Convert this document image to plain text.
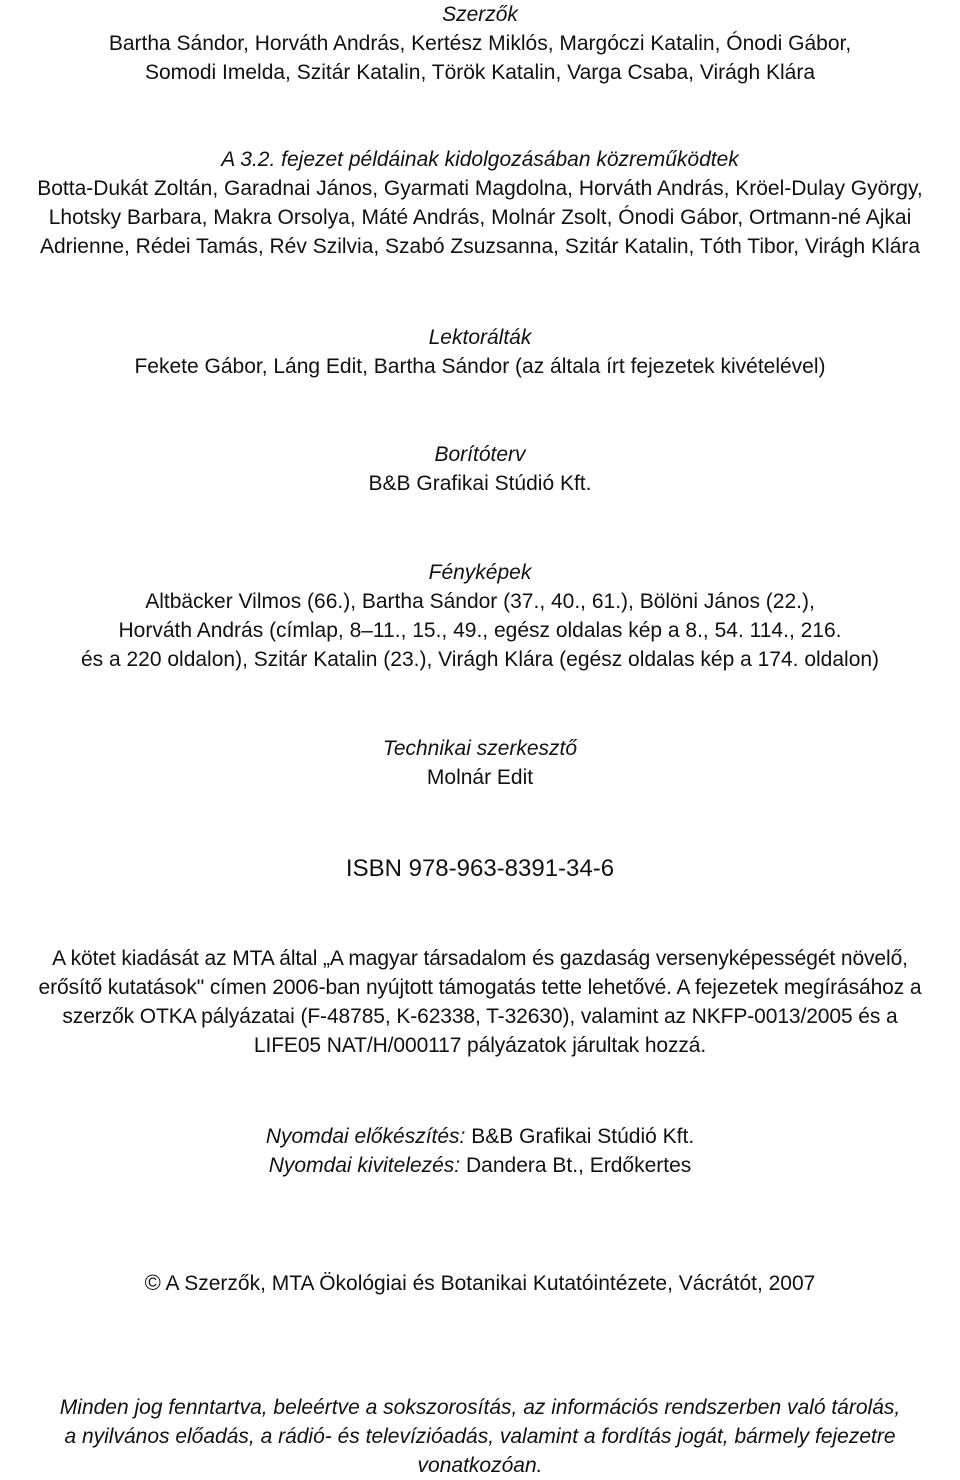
Szerzők
Bartha Sándor, Horváth András, Kertész Miklós, Margóczi Katalin, Ónodi Gábor,
Somodi Imelda, Szitár Katalin, Török Katalin, Varga Csaba, Virágh Klára
A 3.2. fejezet példáinak kidolgozásában közreműködtek
Botta-Dukát Zoltán, Garadnai János, Gyarmati Magdolna, Horváth András, Kröel-Dulay György,
Lhotsky Barbara, Makra Orsolya, Máté András, Molnár Zsolt, Ónodi Gábor, Ortmann-né Ajkai
Adrienne, Rédei Tamás, Rév Szilvia, Szabó Zsuzsanna, Szitár Katalin, Tóth Tibor, Virágh Klára
Lektorálták
Fekete Gábor, Láng Edit, Bartha Sándor (az általa írt fejezetek kivételével)
Borítóterv
B&B Grafikai Stúdió Kft.
Fényképek
Altbäcker Vilmos (66.), Bartha Sándor (37., 40., 61.), Bölöni János (22.),
Horváth András (címlap, 8–11., 15., 49., egész oldalas kép a 8., 54. 114., 216.
és a 220 oldalon), Szitár Katalin (23.), Virágh Klára (egész oldalas kép a 174. oldalon)
Technikai szerkesztő
Molnár Edit
ISBN 978-963-8391-34-6
A kötet kiadását az MTA által „A magyar társadalom és gazdaság versenyképességét növelő,
erősítő kutatások" címen 2006-ban nyújtott támogatás tette lehetővé. A fejezetek megírásához a
szerzők OTKA pályázatai (F-48785, K-62338, T-32630), valamint az NKFP-0013/2005 és a
LIFE05 NAT/H/000117 pályázatok járultak hozzá.
Nyomdai előkészítés: B&B Grafikai Stúdió Kft.
Nyomdai kivitelezés: Dandera Bt., Erdőkertes
© A Szerzők, MTA Ökológiai és Botanikai Kutatóintézete, Vácrátót, 2007
Minden jog fenntartva, beleértve a sokszorosítás, az információs rendszerben való tárolás,
a nyilvános előadás, a rádió- és televízióadás, valamint a fordítás jogát, bármely fejezetre
vonatkozóan.
